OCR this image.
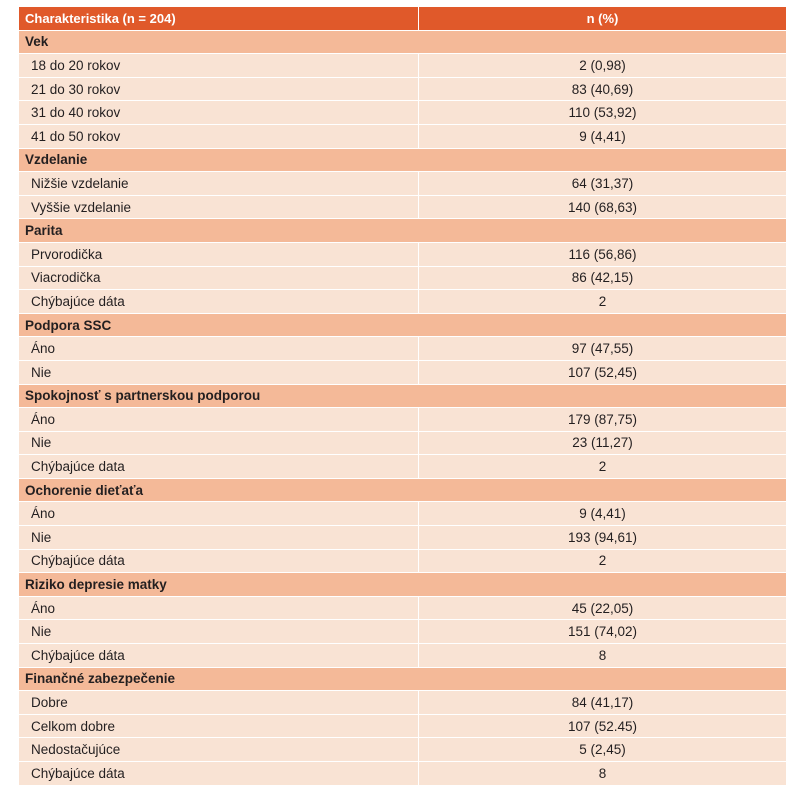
Charakteristika (n = 204)	n (%)
Vek	
18 do 20 rokov	2 (0,98)
21 do 30 rokov	83 (40,69)
31 do 40 rokov	110 (53,92)
41 do 50 rokov	9 (4,41)
Vzdelanie	
Nižšie vzdelanie	64 (31,37)
Vyššie vzdelanie	140 (68,63)
Parita	
Prvorodička	116 (56,86)
Viacrodička	86 (42,15)
Chýbajúce dáta	2
Podpora SSC	
Áno	97 (47,55)
Nie	107 (52,45)
Spokojnosť s partnerskou podporou	
Áno	179 (87,75)
Nie	23 (11,27)
Chýbajúce data	2
Ochorenie dieťaťa	
Áno	9 (4,41)
Nie	193 (94,61)
Chýbajúce dáta	2
Riziko depresie matky	
Áno	45 (22,05)
Nie	151 (74,02)
Chýbajúce dáta	8
Finančné zabezpečenie	
Dobre	84 (41,17)
Celkom dobre	107 (52.45)
Nedostačujúce	5 (2,45)
Chýbajúce dáta	8
